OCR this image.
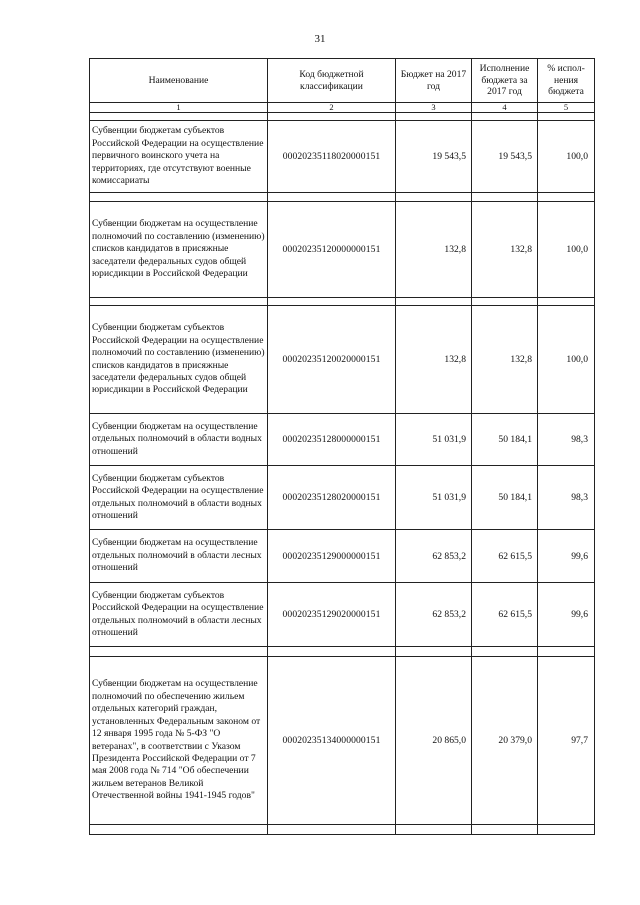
31
Наименование	Код бюджетной классификации	Бюджет на 2017 год	Исполнение бюджета за 2017 год	% испол-нения бюджета
1	2	3	4	5

Субвенции бюджетам субъектов Российской Федерации на осуществление первичного воинского учета на территориях, где отсутствуют военные комиссариаты	00020235118020000151	19 543,5	19 543,5	100,0

Субвенции бюджетам на осуществление полномочий по составлению (изменению) списков кандидатов в присяжные заседатели федеральных судов общей юрисдикции в Российской Федерации	00020235120000000151	132,8	132,8	100,0

Субвенции бюджетам субъектов Российской Федерации на осуществление полномочий по составлению (изменению) списков кандидатов в присяжные заседатели федеральных судов общей юрисдикции в Российской Федерации	00020235120020000151	132,8	132,8	100,0
Субвенции бюджетам на осуществление отдельных полномочий в области водных отношений	00020235128000000151	51 031,9	50 184,1	98,3
Субвенции бюджетам субъектов Российской Федерации на осуществление отдельных полномочий в области водных отношений	00020235128020000151	51 031,9	50 184,1	98,3
Субвенции бюджетам на осуществление отдельных полномочий в области лесных отношений	00020235129000000151	62 853,2	62 615,5	99,6
Субвенции бюджетам субъектов Российской Федерации на осуществление отдельных полномочий в области лесных отношений	00020235129020000151	62 853,2	62 615,5	99,6

Субвенции бюджетам на осуществление полномочий по обеспечению жильем отдельных категорий граждан, установленных Федеральным законом от 12 января 1995 года № 5-ФЗ "О ветеранах", в соответствии с Указом Президента Российской Федерации от 7 мая 2008 года № 714 "Об обеспечении жильем ветеранов Великой Отечественной войны 1941-1945 годов"	00020235134000000151	20 865,0	20 379,0	97,7
